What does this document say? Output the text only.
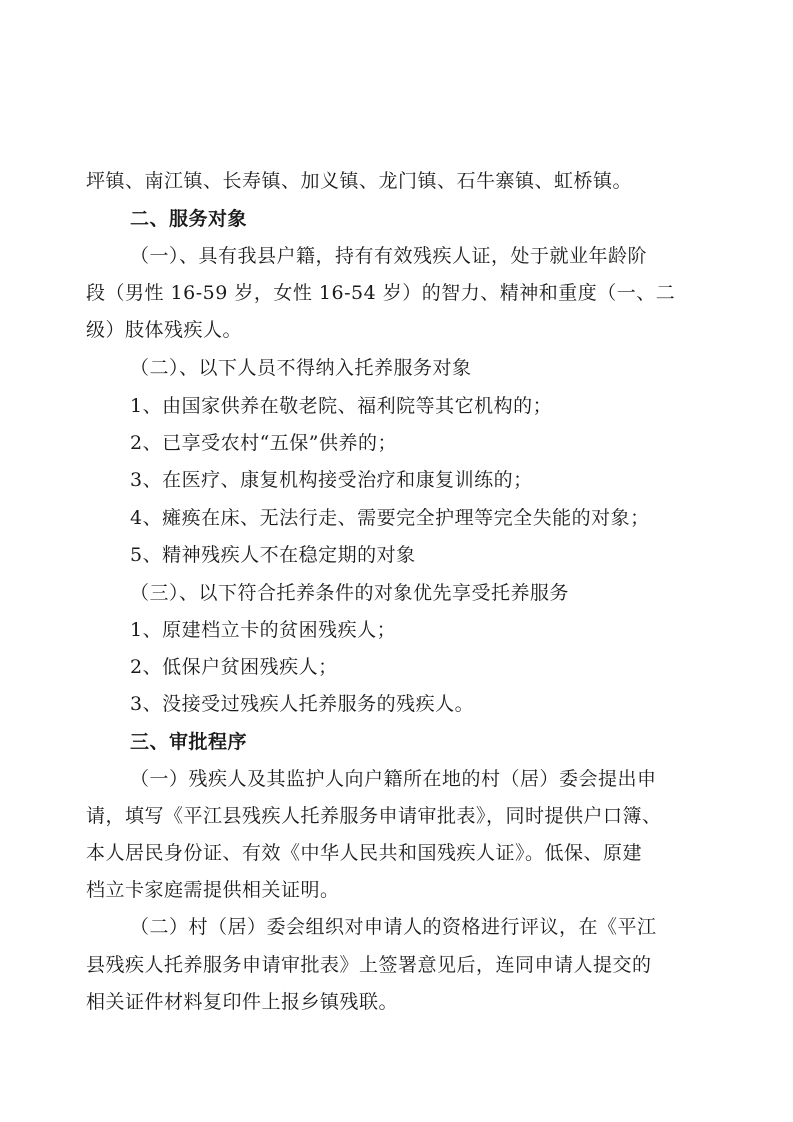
坪镇、南江镇、长寿镇、加义镇、龙门镇、石牛寨镇、虹桥镇。

二、服务对象

（一）、具有我县户籍，持有有效残疾人证，处于就业年龄阶

段（男性 16-59 岁，女性 16-54 岁）的智力、精神和重度（一、二

级）肢体残疾人。

（二）、以下人员不得纳入托养服务对象

1、由国家供养在敬老院、福利院等其它机构的；

2、已享受农村“五保”供养的；

3、在医疗、康复机构接受治疗和康复训练的；

4、瘫痪在床、无法行走、需要完全护理等完全失能的对象；

5、精神残疾人不在稳定期的对象

（三）、以下符合托养条件的对象优先享受托养服务

1、原建档立卡的贫困残疾人；

2、低保户贫困残疾人；

3、没接受过残疾人托养服务的残疾人。

三、审批程序

（一）残疾人及其监护人向户籍所在地的村（居）委会提出申

请，填写《平江县残疾人托养服务申请审批表》，同时提供户口簿、

本人居民身份证、有效《中华人民共和国残疾人证》。低保、原建

档立卡家庭需提供相关证明。

（二）村（居）委会组织对申请人的资格进行评议，在《平江

县残疾人托养服务申请审批表》上签署意见后，连同申请人提交的

相关证件材料复印件上报乡镇残联。
